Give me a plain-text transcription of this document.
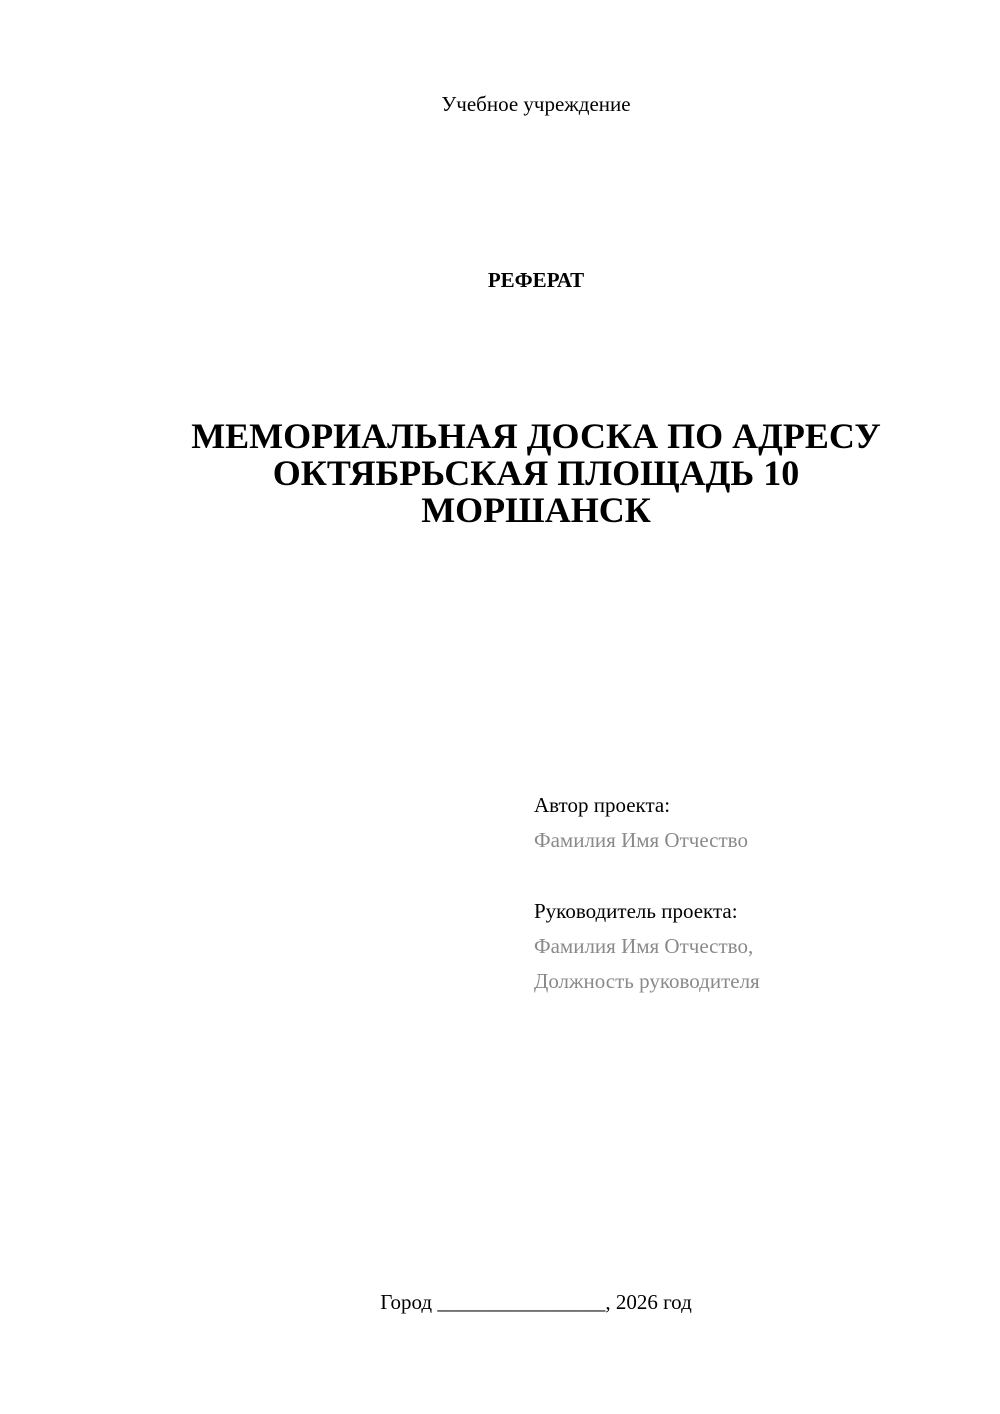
Учебное учреждение
РЕФЕРАТ
МЕМОРИАЛЬНАЯ ДОСКА ПО АДРЕСУ
ОКТЯБРЬСКАЯ ПЛОЩАДЬ 10
МОРШАНСК
Автор проекта:
Фамилия Имя Отчество
Руководитель проекта:
Фамилия Имя Отчество,
Должность руководителя
Город ________________, 2026 год
